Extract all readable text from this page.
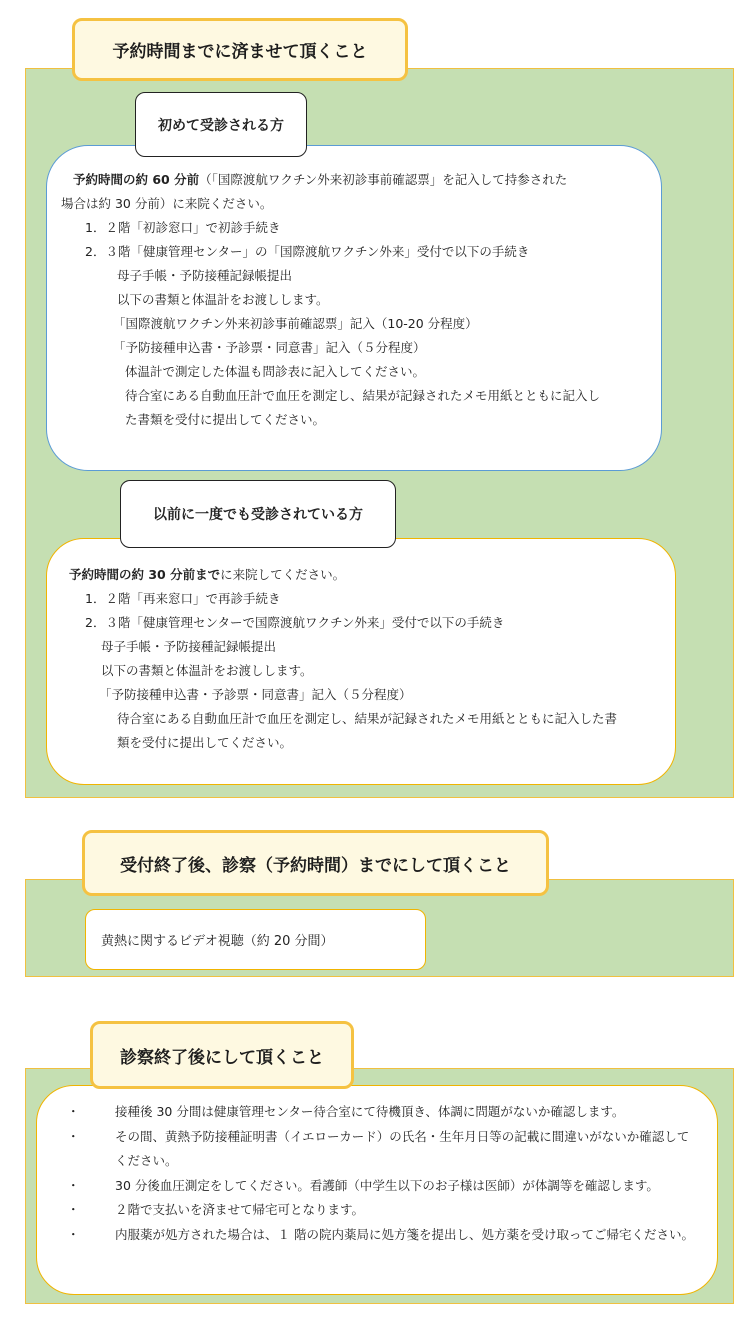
予約時間までに済ませて頂くこと
初めて受診される方
予約時間の約 60 分前（「国際渡航ワクチン外来初診事前確認票」を記入して持参された
場合は約 30 分前）に来院ください。
1．２階「初診窓口」で初診手続き
2．３階「健康管理センター」の「国際渡航ワクチン外来」受付で以下の手続き
母子手帳・予防接種記録帳提出
以下の書類と体温計をお渡しします。
「国際渡航ワクチン外来初診事前確認票」記入（10-20 分程度）
「予防接種申込書・予診票・同意書」記入（５分程度）
体温計で測定した体温も問診表に記入してください。
待合室にある自動血圧計で血圧を測定し、結果が記録されたメモ用紙とともに記入し
た書類を受付に提出してください。
以前に一度でも受診されている方
予約時間の約 30 分前までに来院してください。
1．２階「再来窓口」で再診手続き
2．３階「健康管理センターで国際渡航ワクチン外来」受付で以下の手続き
母子手帳・予防接種記録帳提出
以下の書類と体温計をお渡しします。
「予防接種申込書・予診票・同意書」記入（５分程度）
待合室にある自動血圧計で血圧を測定し、結果が記録されたメモ用紙とともに記入した書
類を受付に提出してください。
受付終了後、診察（予約時間）までにして頂くこと
黄熱に関するビデオ視聴（約 20 分間）
診察終了後にして頂くこと
・ 接種後 30 分間は健康管理センター待合室にて待機頂き、体調に問題がないか確認します。
・ その間、黄熱予防接種証明書（イエローカード）の氏名・生年月日等の記載に間違いがないか確認してください。
・ 30 分後血圧測定をしてください。看護師（中学生以下のお子様は医師）が体調等を確認します。
・ ２階で支払いを済ませて帰宅可となります。
・ 内服薬が処方された場合は、１ 階の院内薬局に処方箋を提出し、処方薬を受け取ってご帰宅ください。
